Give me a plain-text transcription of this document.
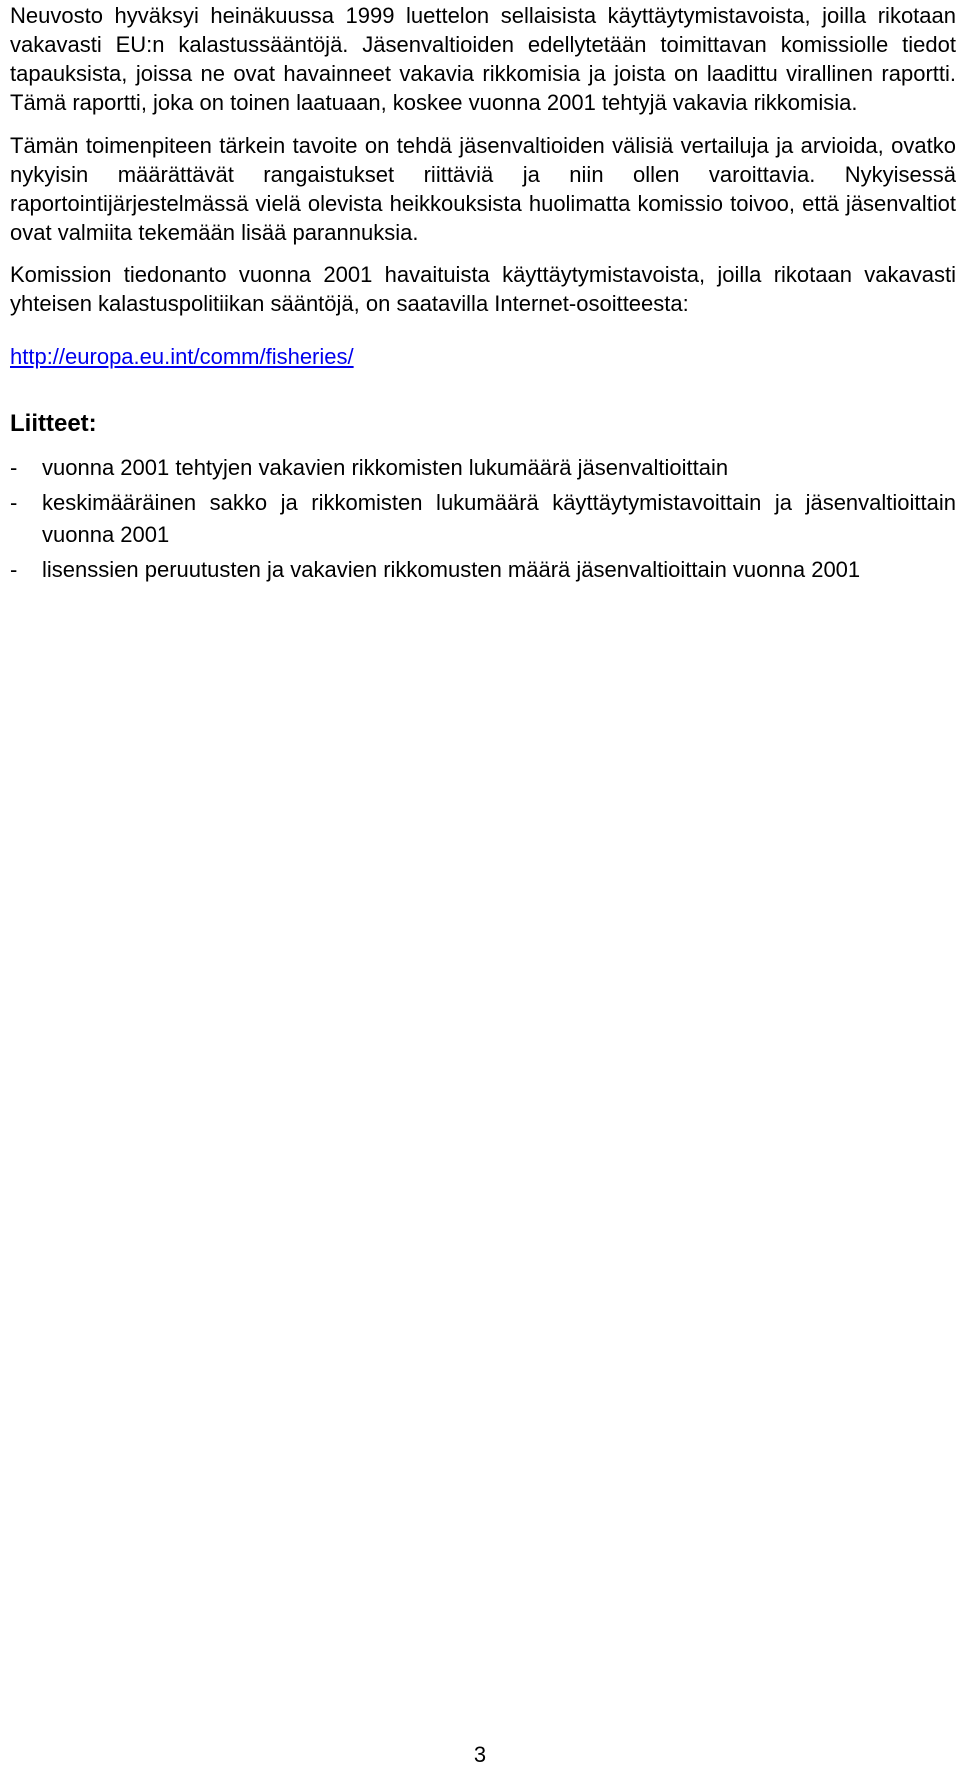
Neuvosto hyväksyi heinäkuussa 1999 luettelon sellaisista käyttäytymistavoista, joilla rikotaan vakavasti EU:n kalastussääntöjä. Jäsenvaltioiden edellytetään toimittavan komissiolle tiedot tapauksista, joissa ne ovat havainneet vakavia rikkomisia ja joista on laadittu virallinen raportti. Tämä raportti, joka on toinen laatuaan, koskee vuonna 2001 tehtyjä vakavia rikkomisia.

Tämän toimenpiteen tärkein tavoite on tehdä jäsenvaltioiden välisiä vertailuja ja arvioida, ovatko nykyisin määrättävät rangaistukset riittäviä ja niin ollen varoittavia. Nykyisessä raportointijärjestelmässä vielä olevista heikkouksista huolimatta komissio toivoo, että jäsenvaltiot ovat valmiita tekemään lisää parannuksia.

Komission tiedonanto vuonna 2001 havaituista käyttäytymistavoista, joilla rikotaan vakavasti yhteisen kalastuspolitiikan sääntöjä, on saatavilla Internet-osoitteesta:

http://europa.eu.int/comm/fisheries/

Liitteet:
- vuonna 2001 tehtyjen vakavien rikkomisten lukumäärä jäsenvaltioittain
- keskimääräinen sakko ja rikkomisten lukumäärä käyttäytymistavoittain ja jäsenvaltioittain vuonna 2001
- lisenssien peruutusten ja vakavien rikkomusten määrä jäsenvaltioittain vuonna 2001
3
